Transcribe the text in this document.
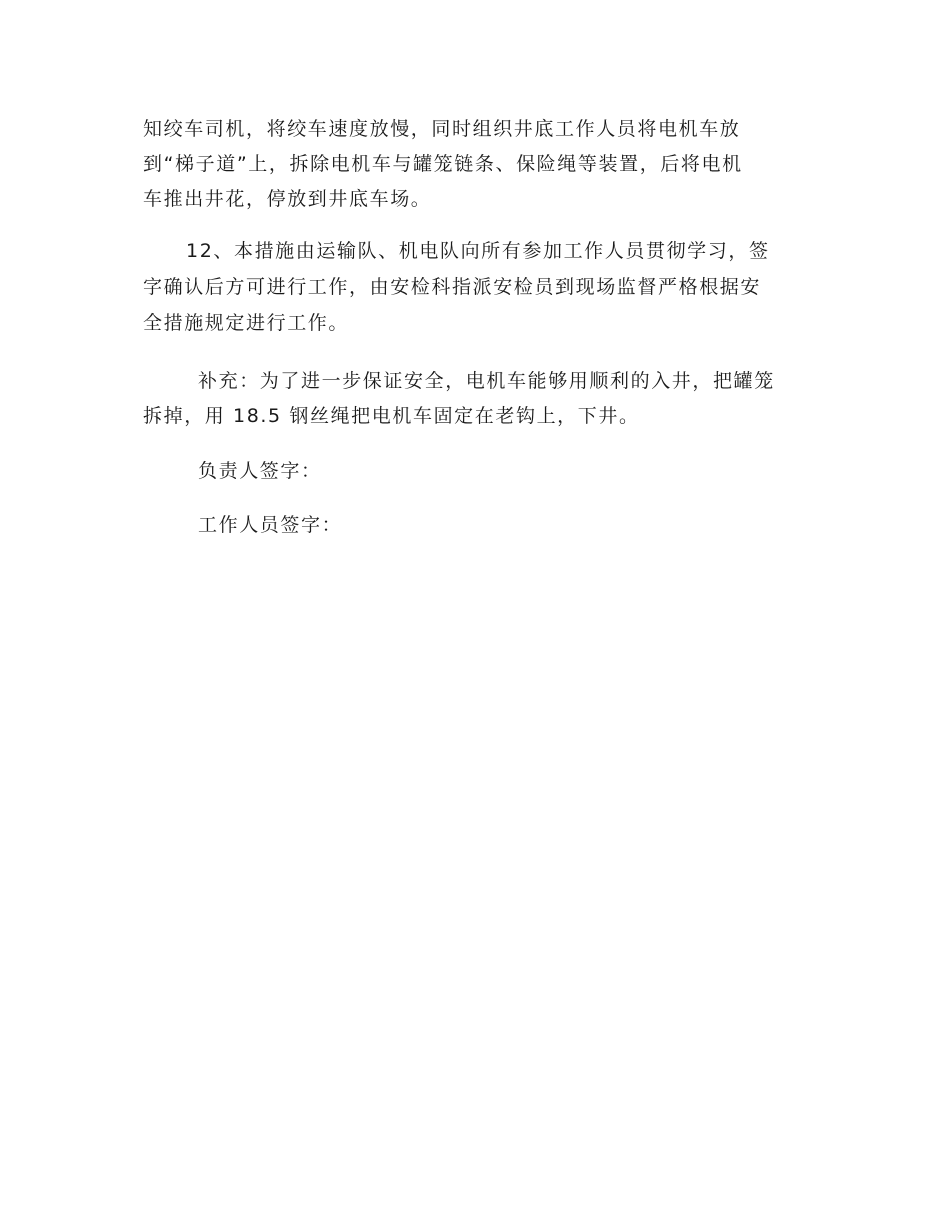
知绞车司机，将绞车速度放慢，同时组织井底工作人员将电机车放
到“梯子道”上，拆除电机车与罐笼链条、保险绳等装置，后将电机
车推出井花，停放到井底车场。
12、本措施由运输队、机电队向所有参加工作人员贯彻学习，签
字确认后方可进行工作，由安检科指派安检员到现场监督严格根据安
全措施规定进行工作。
补充：为了进一步保证安全，电机车能够用顺利的入井，把罐笼
拆掉，用 18.5 钢丝绳把电机车固定在老钩上，下井。
负责人签字：
工作人员签字：
